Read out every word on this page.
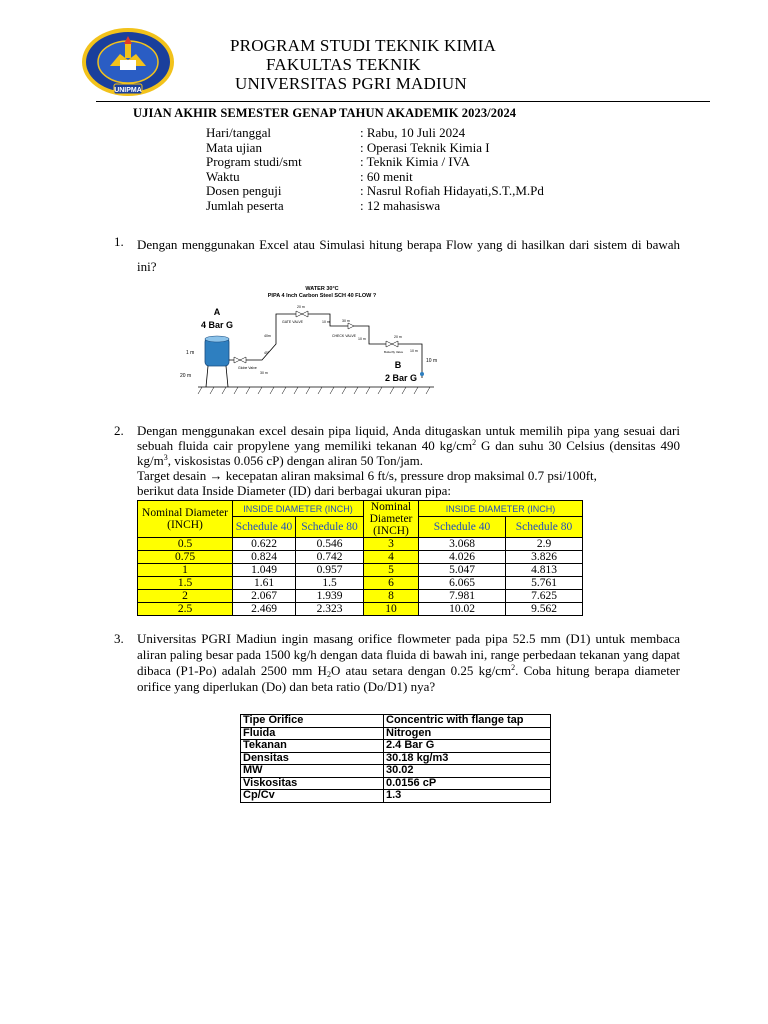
UNIPMA
PROGRAM STUDI TEKNIK KIMIA
FAKULTAS TEKNIK
UNIVERSITAS PGRI MADIUN
UJIAN AKHIR SEMESTER GENAP TAHUN AKADEMIK 2023/2024
Hari/tanggal	: Rabu, 10 Juli 2024
Mata ujian	: Operasi Teknik Kimia I
Program studi/smt	: Teknik Kimia / IVA
Waktu	: 60 menit
Dosen penguji	: Nasrul Rofiah Hidayati,S.T.,M.Pd
Jumlah peserta	: 12 mahasiswa
1. Dengan menggunakan Excel atau Simulasi hitung berapa Flow yang di hasilkan dari sistem di bawah ini?
WATER 30°C
PIPA 4 Inch Carbon Steel SCH 40 FLOW ?
A
4 Bar G
1 m
20 m
Globe Valve
30 m
45°
40m
GATE VALVE
20 m
10 m
CHECK VALVE
30 m
10 m
Butterfly Valve
20 m
10 m
10 m
B
2 Bar G
2. Dengan menggunakan excel desain pipa liquid, Anda ditugaskan untuk memilih pipa yang sesuai dari sebuah fluida cair propylene yang memiliki tekanan 40 $kg/cm^2$ G dan suhu 30 Celsius (densitas 490 $kg/m^3$, viskosistas 0.056 cP) dengan aliran 50 Ton/jam.
Target desain → kecepatan aliran maksimal 6 ft/s, pressure drop maksimal 0.7 psi/100ft,
berikut data Inside Diameter (ID) dari berbagai ukuran pipa:
Nominal Diameter (INCH)	INSIDE DIAMETER (INCH)		Nominal Diameter (INCH)	INSIDE DIAMETER (INCH)	
	Schedule 40	Schedule 80		Schedule 40	Schedule 80
0.5	0.622	0.546	3	3.068	2.9
0.75	0.824	0.742	4	4.026	3.826
1	1.049	0.957	5	5.047	4.813
1.5	1.61	1.5	6	6.065	5.761
2	2.067	1.939	8	7.981	7.625
2.5	2.469	2.323	10	10.02	9.562
3. Universitas PGRI Madiun ingin masang orifice flowmeter pada pipa 52.5 mm (D1) untuk membaca aliran paling besar pada 1500 kg/h dengan data fluida di bawah ini, range perbedaan tekanan yang dapat dibaca (P1-Po) adalah 2500 mm $H_2O$ atau setara dengan 0.25 $kg/cm^2$. Coba hitung berapa diameter orifice yang diperlukan (Do) dan beta ratio (Do/D1) nya?
Tipe Orifice	Concentric with flange tap
Fluida	Nitrogen
Tekanan	2.4 Bar G
Densitas	30.18 kg/m3
MW	30.02
Viskositas	0.0156 cP
Cp/Cv	1.3
